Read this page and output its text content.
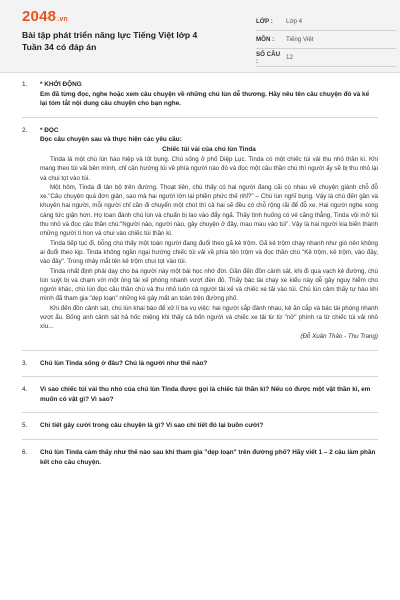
2048.vn
Bài tập phát triển năng lực Tiếng Việt lớp 4 Tuần 34 có đáp án
LỚP :	Lớp 4
MÔN :	Tiếng Việt
SỐ CÂU :	12
1. * KHỞI ĐỘNG
Em đã từng đọc, nghe hoặc xem câu chuyện về những chú lùn dễ thương. Hãy nêu tên câu chuyện đó và kể lại tóm tắt nội dung câu chuyện cho bạn nghe.
2. * ĐỌC
Đọc câu chuyện sau và thực hiện các yêu cầu:
Chiếc túi vải của chú lùn Tinda
Tinda là một chú lùn hào hiệp và tốt bụng. Chú sống ở phố Diệp Lục. Tinda có một chiếc túi vải thu nhỏ thần kì. Khi mang theo túi vải bên mình, chỉ cần hướng túi về phía người nào đó và đọc một câu thần chú thì người ấy sẽ bị thu nhỏ lại và chui tọt vào túi.
Một hôm, Tinda đi tản bộ trên đường. Thoạt tiên, chú thấy có hai người đang cãi cọ nhau về chuyện giành chỗ đỗ xe."Câu chuyện quá đơn giản, sao mà hai người lớn lại phiền phức thế nhỉ?" – Chú lùn nghĩ bụng. Vậy là chú đến gần và khuyên hai người, mỗi người chỉ cần đi chuyển một chút thì cả hai sẽ đều có chỗ rộng rãi để đỗ xe. Hai người nghe xong càng tức giận hơn. Họ toan đánh chú lùn và chuẩn bị lao vào đẩy ngã. Thấy tình huống có vẻ căng thẳng, Tinda vội mở túi thu nhỏ và đọc câu thần chú:"Người nào, người nào, gây chuyện ở đây, mau mau vào túi". Vậy là hai người kia biến thành những người tí hon và chui vào chiếc túi thần kì.
Tinda tiếp tục đi, bỗng chú thấy một toán người đang đuổi theo gã kẻ trộm. Gã kẻ trộm chạy nhanh như gió nên không ai đuổi theo kịp. Tinda không ngần ngại hướng chiếc túi vải về phía tên trộm và đọc thần chú "Kẻ trộm, kẻ trộm, vào đây, vào đây". Trong nháy mắt tên kẻ trộm chui tọt vào túi.
Tinda nhất định phải dạy cho ba người này một bài học nhớ đời. Gần đến đồn cảnh sát, khi đi qua vạch kẻ đường, chú lùn suýt bị va chạm với một ông tài xế phóng nhanh vượt đèn đỏ. Thấy bác tài chạy xe kiểu này dễ gây nguy hiểm cho người khác, chú lùn đọc câu thần chú và thu nhỏ luôn cả người tài xế và chiếc xe tải vào túi. Chú lùn cảm thấy tự hào khi mình đã tham gia "dẹp loạn" những kẻ gây mất an toàn trên đường phố.
Khi đến đồn cảnh sát, chú lùn khai báo để xử lí ba vụ việc: hai người sắp đánh nhau, kẻ ăn cắp và bác tài phóng nhanh vượt ẩu. Bống anh cảnh sát hả hốc miệng khi thấy cả bốn người và chiếc xe tải từ từ "nở" phình ra từ chiếc túi vải nhỏ xíu...
(Đỗ Xuân Thảo - Thu Trang)
3. Chú lùn Tinda sống ở đâu? Chú là người như thế nào?
4. Vì sao chiếc túi vải thu nhỏ của chú lùn Tinda được gọi là chiếc túi thần kì? Nếu có được một vật thần kì, em muốn có vật gì? Vì sao?
5. Chi tiết gây cười trong câu chuyện là gì? Vì sao chi tiết đó lại buồn cười?
6. Chú lùn Tinda cảm thấy như thế nào sau khi tham gia "dẹp loạn" trên đường phố? Hãy viết 1 – 2 câu làm phần kết cho câu chuyện.
